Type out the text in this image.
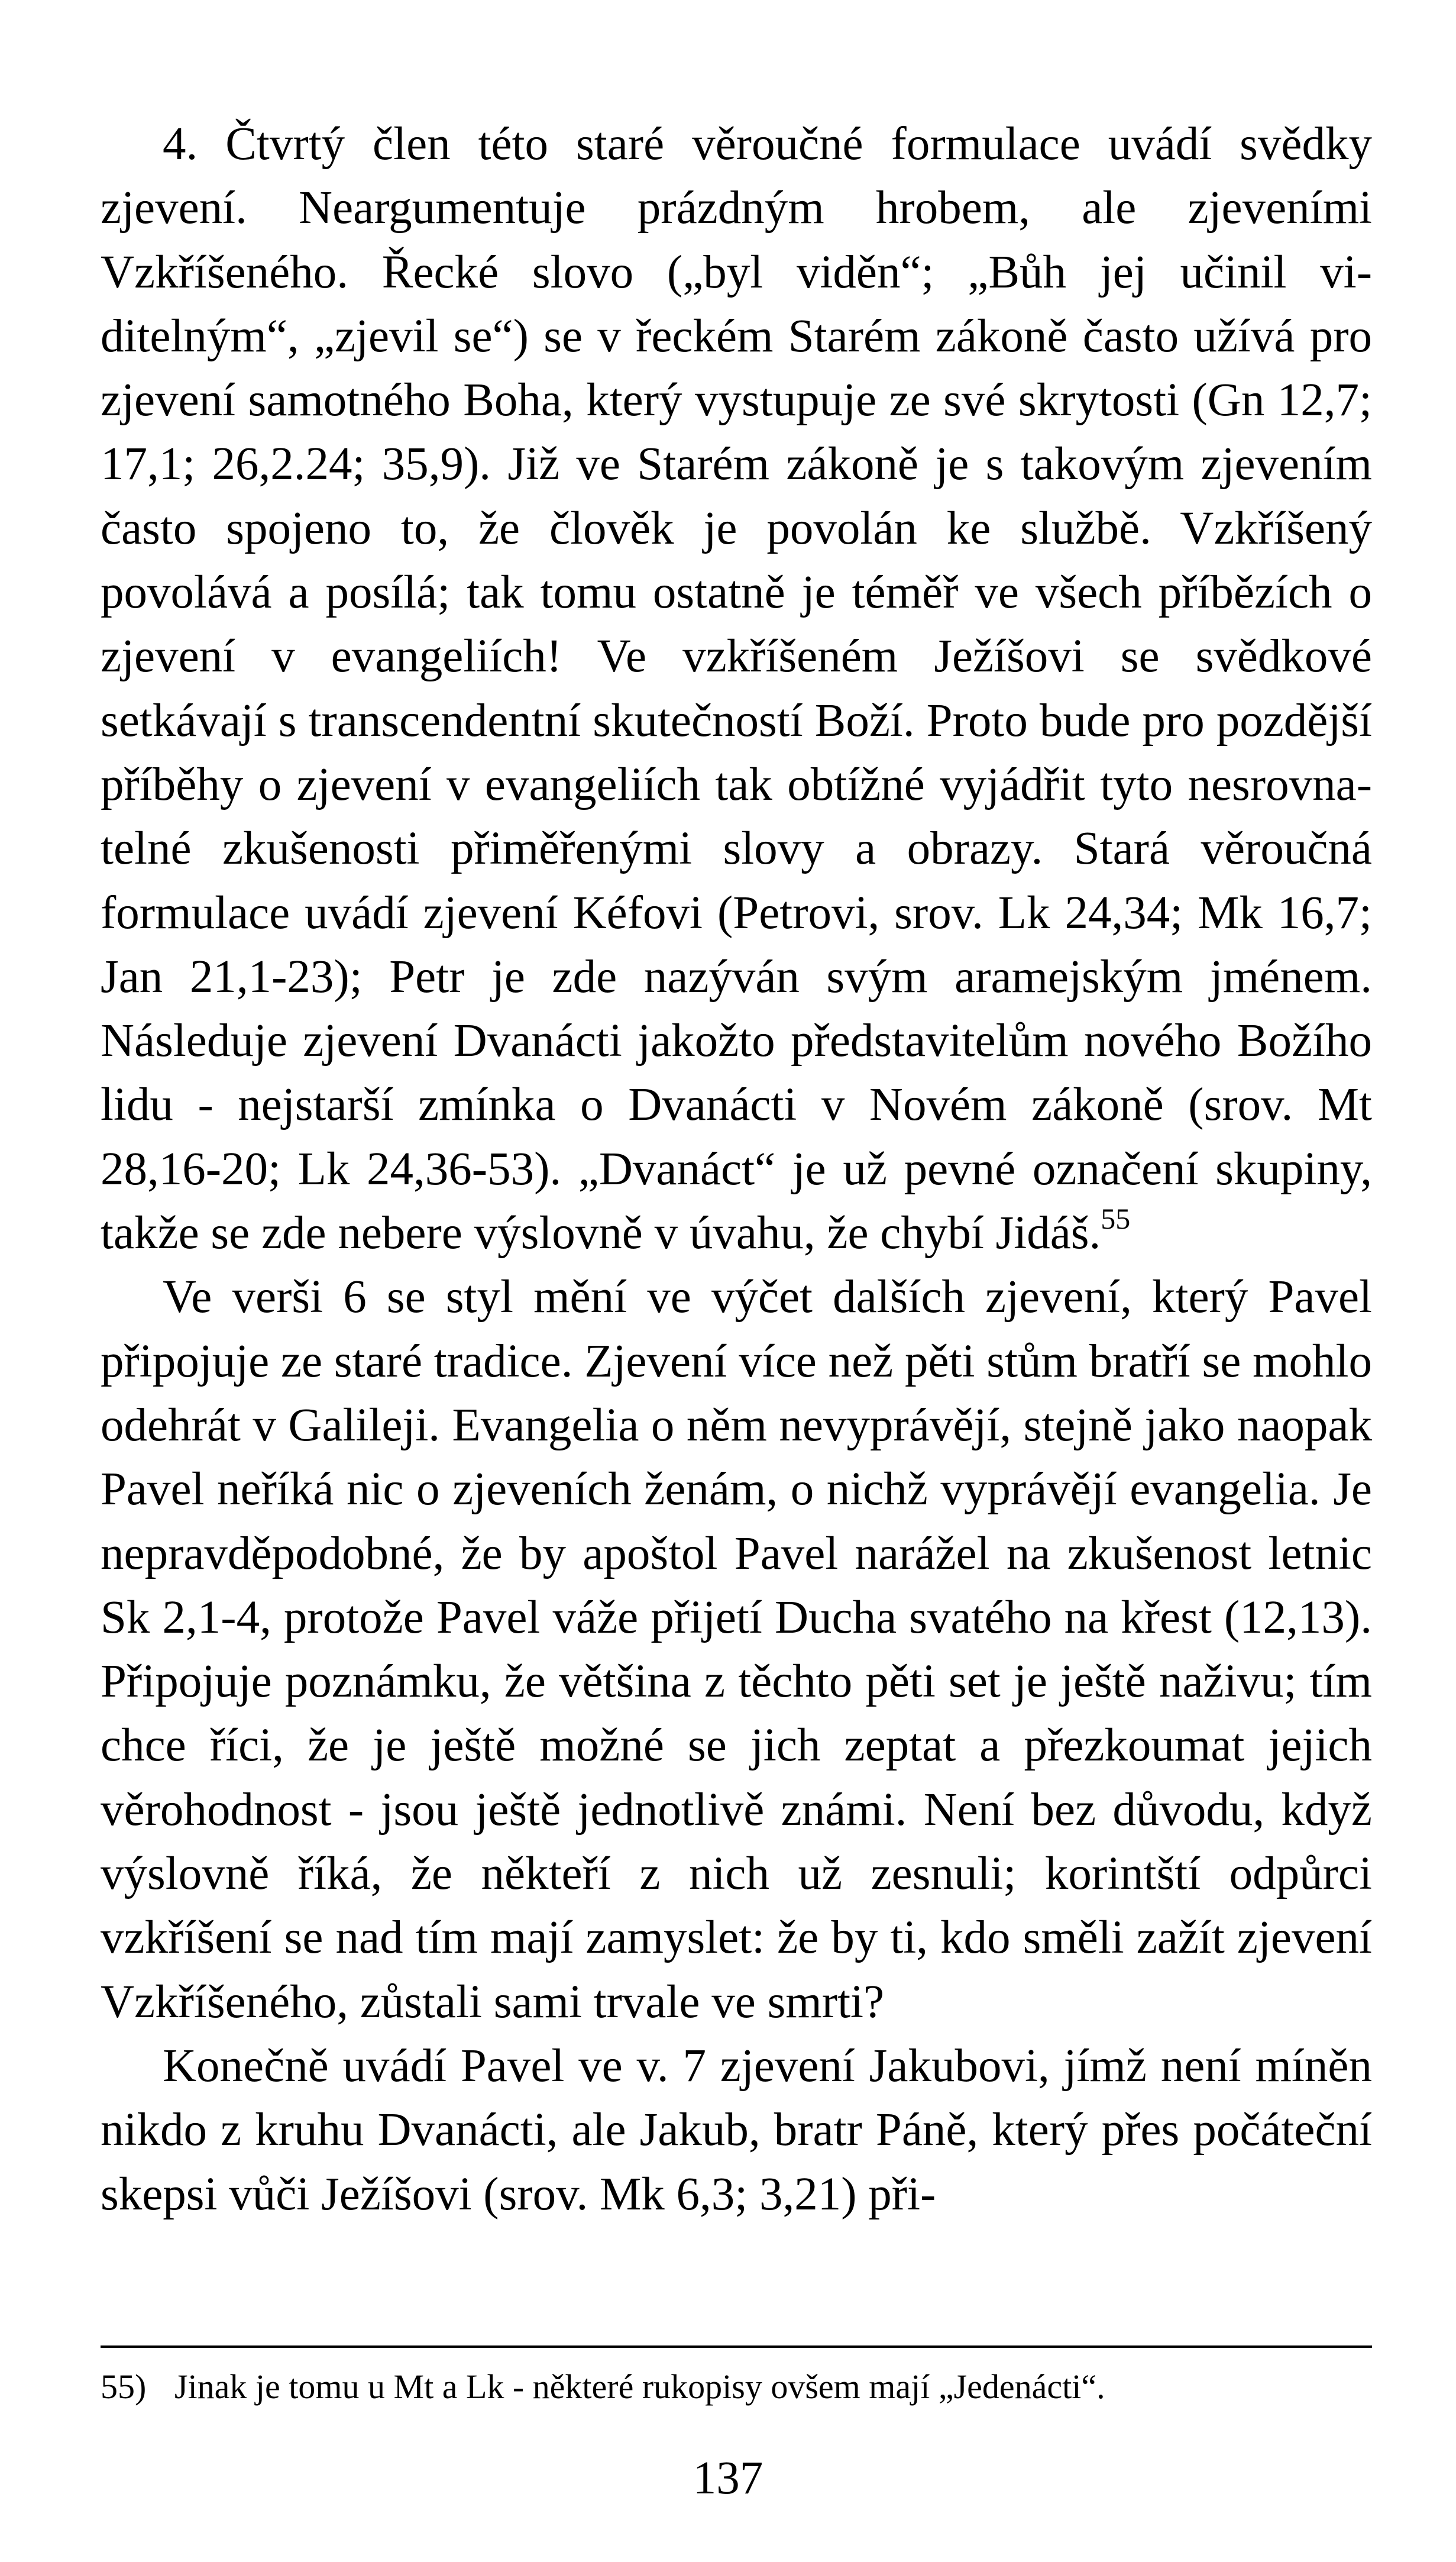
4. Čtvrtý člen této staré věroučné formulace uvádí svědky zjevení. Neargumentuje prázdným hrobem, ale zjeveními Vzkříšeného. Řecké slovo („byl viděn“; „Bůh jej učinil viditelným“, „zjevil se“) se v řeckém Starém zákoně často užívá pro zjevení samotného Boha, který vystupuje ze své skrytosti (Gn 12,7; 17,1; 26,2.24; 35,9). Již ve Starém zákoně je s takovým zjevením často spojeno to, že člověk je povolán ke službě. Vzkříšený povolává a posílá; tak tomu ostatně je téměř ve všech příbězích o zjevení v evangeliích! Ve vzkříšeném Ježíšovi se svědkové setkávají s transcendentní skutečností Boží. Proto bude pro pozdější příběhy o zjevení v evangeliích tak obtížné vyjádřit tyto nesrovnatelné zkušenosti přiměřenými slovy a obrazy. Stará věroučná formulace uvádí zjevení Kéfovi (Petrovi, srov. Lk 24,34; Mk 16,7; Jan 21,1-23); Petr je zde nazýván svým aramejským jménem. Následuje zjevení Dvanácti jakožto představitelům nového Božího lidu - nejstarší zmínka o Dvanácti v Novém zákoně (srov. Mt 28,16-20; Lk 24,36-53). „Dvanáct“ je už pevné označení skupiny, takže se zde nebere výslovně v úvahu, že chybí Jidáš.$^{55}$

Ve verši 6 se styl mění ve výčet dalších zjevení, který Pavel připojuje ze staré tradice. Zjevení více než pěti stům bratří se mohlo odehrát v Galileji. Evangelia o něm nevyprávějí, stejně jako naopak Pavel neříká nic o zjeveních ženám, o nichž vyprávějí evangelia. Je nepravděpodobné, že by apoštol Pavel narážel na zkušenost letnic Sk 2,1-4, protože Pavel váže přijetí Ducha svatého na křest (12,13). Připojuje poznámku, že většina z těchto pěti set je ještě naživu; tím chce říci, že je ještě možné se jich zeptat a přezkoumat jejich věrohodnost - jsou ještě jednotlivě známi. Není bez důvodu, když výslovně říká, že někteří z nich už zesnuli; korintští odpůrci vzkříšení se nad tím mají zamyslet: že by ti, kdo směli zažít zjevení Vzkříšeného, zůstali sami trvale ve smrti?

Konečně uvádí Pavel ve v. 7 zjevení Jakubovi, jímž není míněn nikdo z kruhu Dvanácti, ale Jakub, bratr Páně, který přes počáteční skepsi vůči Ježíšovi (srov. Mk 6,3; 3,21) při-

55) Jinak je tomu u Mt a Lk - některé rukopisy ovšem mají „Jedenácti“.
137
